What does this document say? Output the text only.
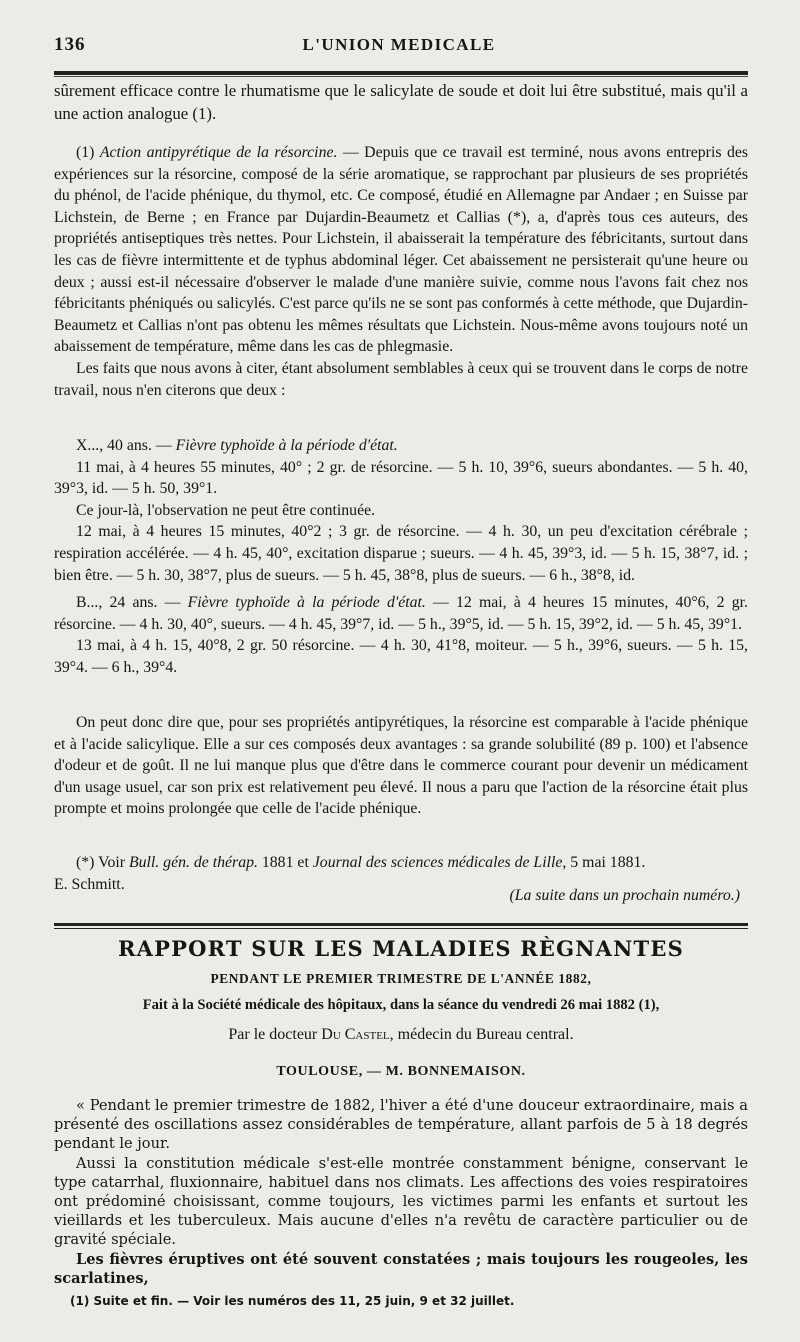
136	L'UNION MEDICALE

sûrement efficace contre le rhumatisme que le salicylate de soude et doit lui être substitué, mais qu'il a une action analogue (1).

(1) Action antipyrétique de la résorcine. — Depuis que ce travail est terminé, nous avons entrepris des expériences sur la résorcine, composé de la série aromatique, se rapprochant par plusieurs de ses propriétés du phénol, de l'acide phénique, du thymol, etc. Ce composé, étudié en Allemagne par Andaer ; en Suisse par Lichstein, de Berne ; en France par Dujardin-Beaumetz et Callias (*), a, d'après tous ces auteurs, des propriétés antiseptiques très nettes. Pour Lichstein, il abaisserait la température des fébricitants, surtout dans les cas de fièvre intermittente et de typhus abdominal léger. Cet abaissement ne persisterait qu'une heure ou deux ; aussi est-il nécessaire d'observer le malade d'une manière suivie, comme nous l'avons fait chez nos fébricitants phéniqués ou salicylés. C'est parce qu'ils ne se sont pas conformés à cette méthode, que Dujardin-Beaumetz et Callias n'ont pas obtenu les mêmes résultats que Lichstein. Nous-même avons toujours noté un abaissement de température, même dans les cas de phlegmasie.

Les faits que nous avons à citer, étant absolument semblables à ceux qui se trouvent dans le corps de notre travail, nous n'en citerons que deux :

X..., 40 ans. — Fièvre typhoïde à la période d'état.

11 mai, à 4 heures 55 minutes, 40° ; 2 gr. de résorcine. — 5 h. 10, 39°6, sueurs abondantes. — 5 h. 40, 39°3, id. — 5 h. 50, 39°1.

Ce jour-là, l'observation ne peut être continuée.

12 mai, à 4 heures 15 minutes, 40°2 ; 3 gr. de résorcine. — 4 h. 30, un peu d'excitation cérébrale ; respiration accélérée. — 4 h. 45, 40°, excitation disparue ; sueurs. — 4 h. 45, 39°3, id. — 5 h. 15, 38°7, id. ; bien être. — 5 h. 30, 38°7, plus de sueurs. — 5 h. 45, 38°8, plus de sueurs. — 6 h., 38°8, id.

B..., 24 ans. — Fièvre typhoïde à la période d'état. — 12 mai, à 4 heures 15 minutes, 40°6, 2 gr. résorcine. — 4 h. 30, 40°, sueurs. — 4 h. 45, 39°7, id. — 5 h., 39°5, id. — 5 h. 15, 39°2, id. — 5 h. 45, 39°1.

13 mai, à 4 h. 15, 40°8, 2 gr. 50 résorcine. — 4 h. 30, 41°8, moiteur. — 5 h., 39°6, sueurs. — 5 h. 15, 39°4. — 6 h., 39°4.

On peut donc dire que, pour ses propriétés antipyrétiques, la résorcine est comparable à l'acide phénique et à l'acide salicylique. Elle a sur ces composés deux avantages : sa grande solubilité (89 p. 100) et l'absence d'odeur et de goût. Il ne lui manque plus que d'être dans le commerce courant pour devenir un médicament d'un usage usuel, car son prix est relativement peu élevé. Il nous a paru que l'action de la résorcine était plus prompte et moins prolongée que celle de l'acide phénique.

(*) Voir Bull. gén. de thérap. 1881 et Journal des sciences médicales de Lille, 5 mai 1881.

E. Schmitt.

(La suite dans un prochain numéro.)
RAPPORT SUR LES MALADIES RÈGNANTES
PENDANT LE PREMIER TRIMESTRE DE L'ANNÉE 1882,
Fait à la Société médicale des hôpitaux, dans la séance du vendredi 26 mai 1882 (1),
Par le docteur Du Castel, médecin du Bureau central.
TOULOUSE, — M. BONNEMAISON.

« Pendant le premier trimestre de 1882, l'hiver a été d'une douceur extraordinaire, mais a présenté des oscillations assez considérables de température, allant parfois de 5 à 18 degrés pendant le jour.

Aussi la constitution médicale s'est-elle montrée constamment bénigne, conservant le type catarrhal, fluxionnaire, habituel dans nos climats. Les affections des voies respiratoires ont prédominé choisissant, comme toujours, les victimes parmi les enfants et surtout les vieillards et les tuberculeux. Mais aucune d'elles n'a revêtu de caractère particulier ou de gravité spéciale.

Les fièvres éruptives ont été souvent constatées ; mais toujours les rougeoles, les scarlatines,

(1) Suite et fin. — Voir les numéros des 11, 25 juin, 9 et 32 juillet.
